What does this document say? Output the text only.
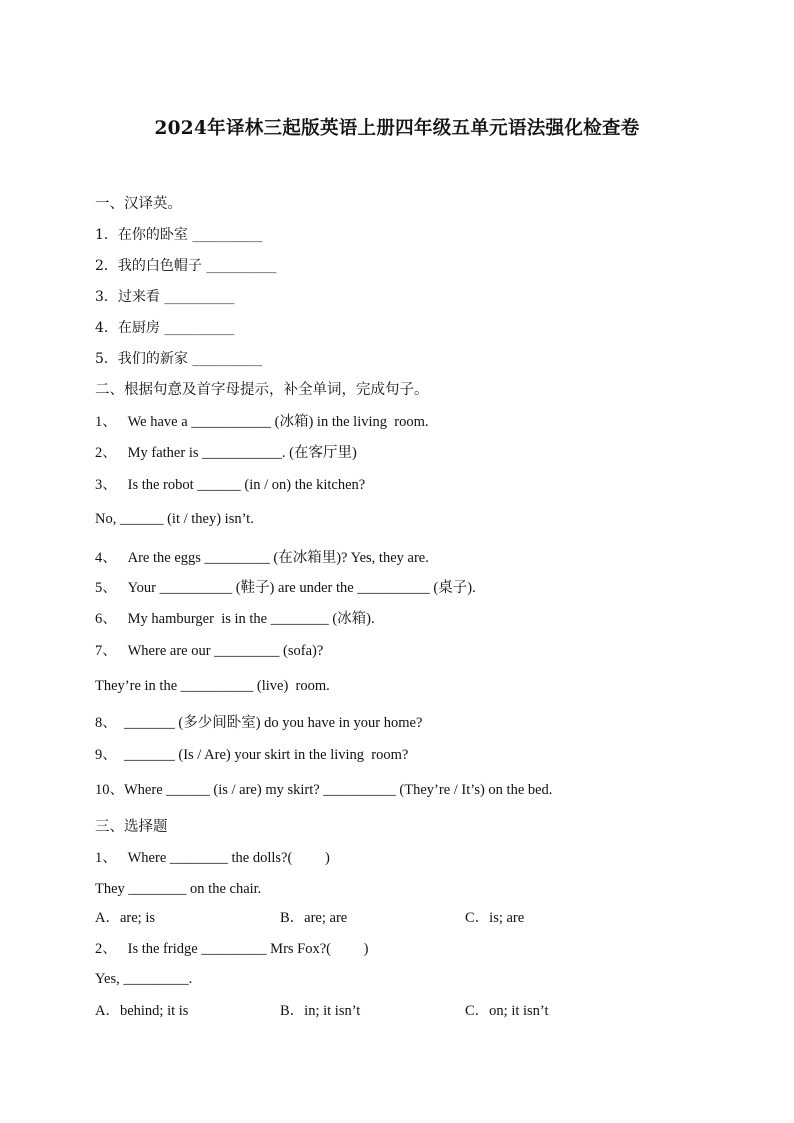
2024年译林三起版英语上册四年级五单元语法强化检查卷
一、汉译英。
1．在你的卧室 __________
2．我的白色帽子 __________
3．过来看 __________
4．在厨房 __________
5．我们的新家 __________
二、根据句意及首字母提示，补全单词，完成句子。
1、   We have a ___________ (冰箱) in the living  room.
2、   My father is ___________. (在客厅里)
3、   Is the robot ______ (in / on) the kitchen?
No, ______ (it / they) isn’t.
4、   Are the eggs _________ (在冰箱里)? Yes, they are.
5、   Your __________ (鞋子) are under the __________ (桌子).
6、   My hamburger  is in the ________ (冰箱).
7、   Where are our _________ (sofa)?
They’re in the __________ (live)  room.
8、  _______ (多少间卧室) do you have in your home?
9、  _______ (Is / Are) your skirt in the living  room?
10、Where ______ (is / are) my skirt? __________ (They’re / It’s) on the bed.
三、选择题
1、   Where ________ the dolls?(         )
They ________ on the chair.
A．are; is	B．are; are	C．is; are
2、   Is the fridge _________ Mrs Fox?(         )
Yes, _________.
A．behind; it is	B．in; it isn’t	C．on; it isn’t
